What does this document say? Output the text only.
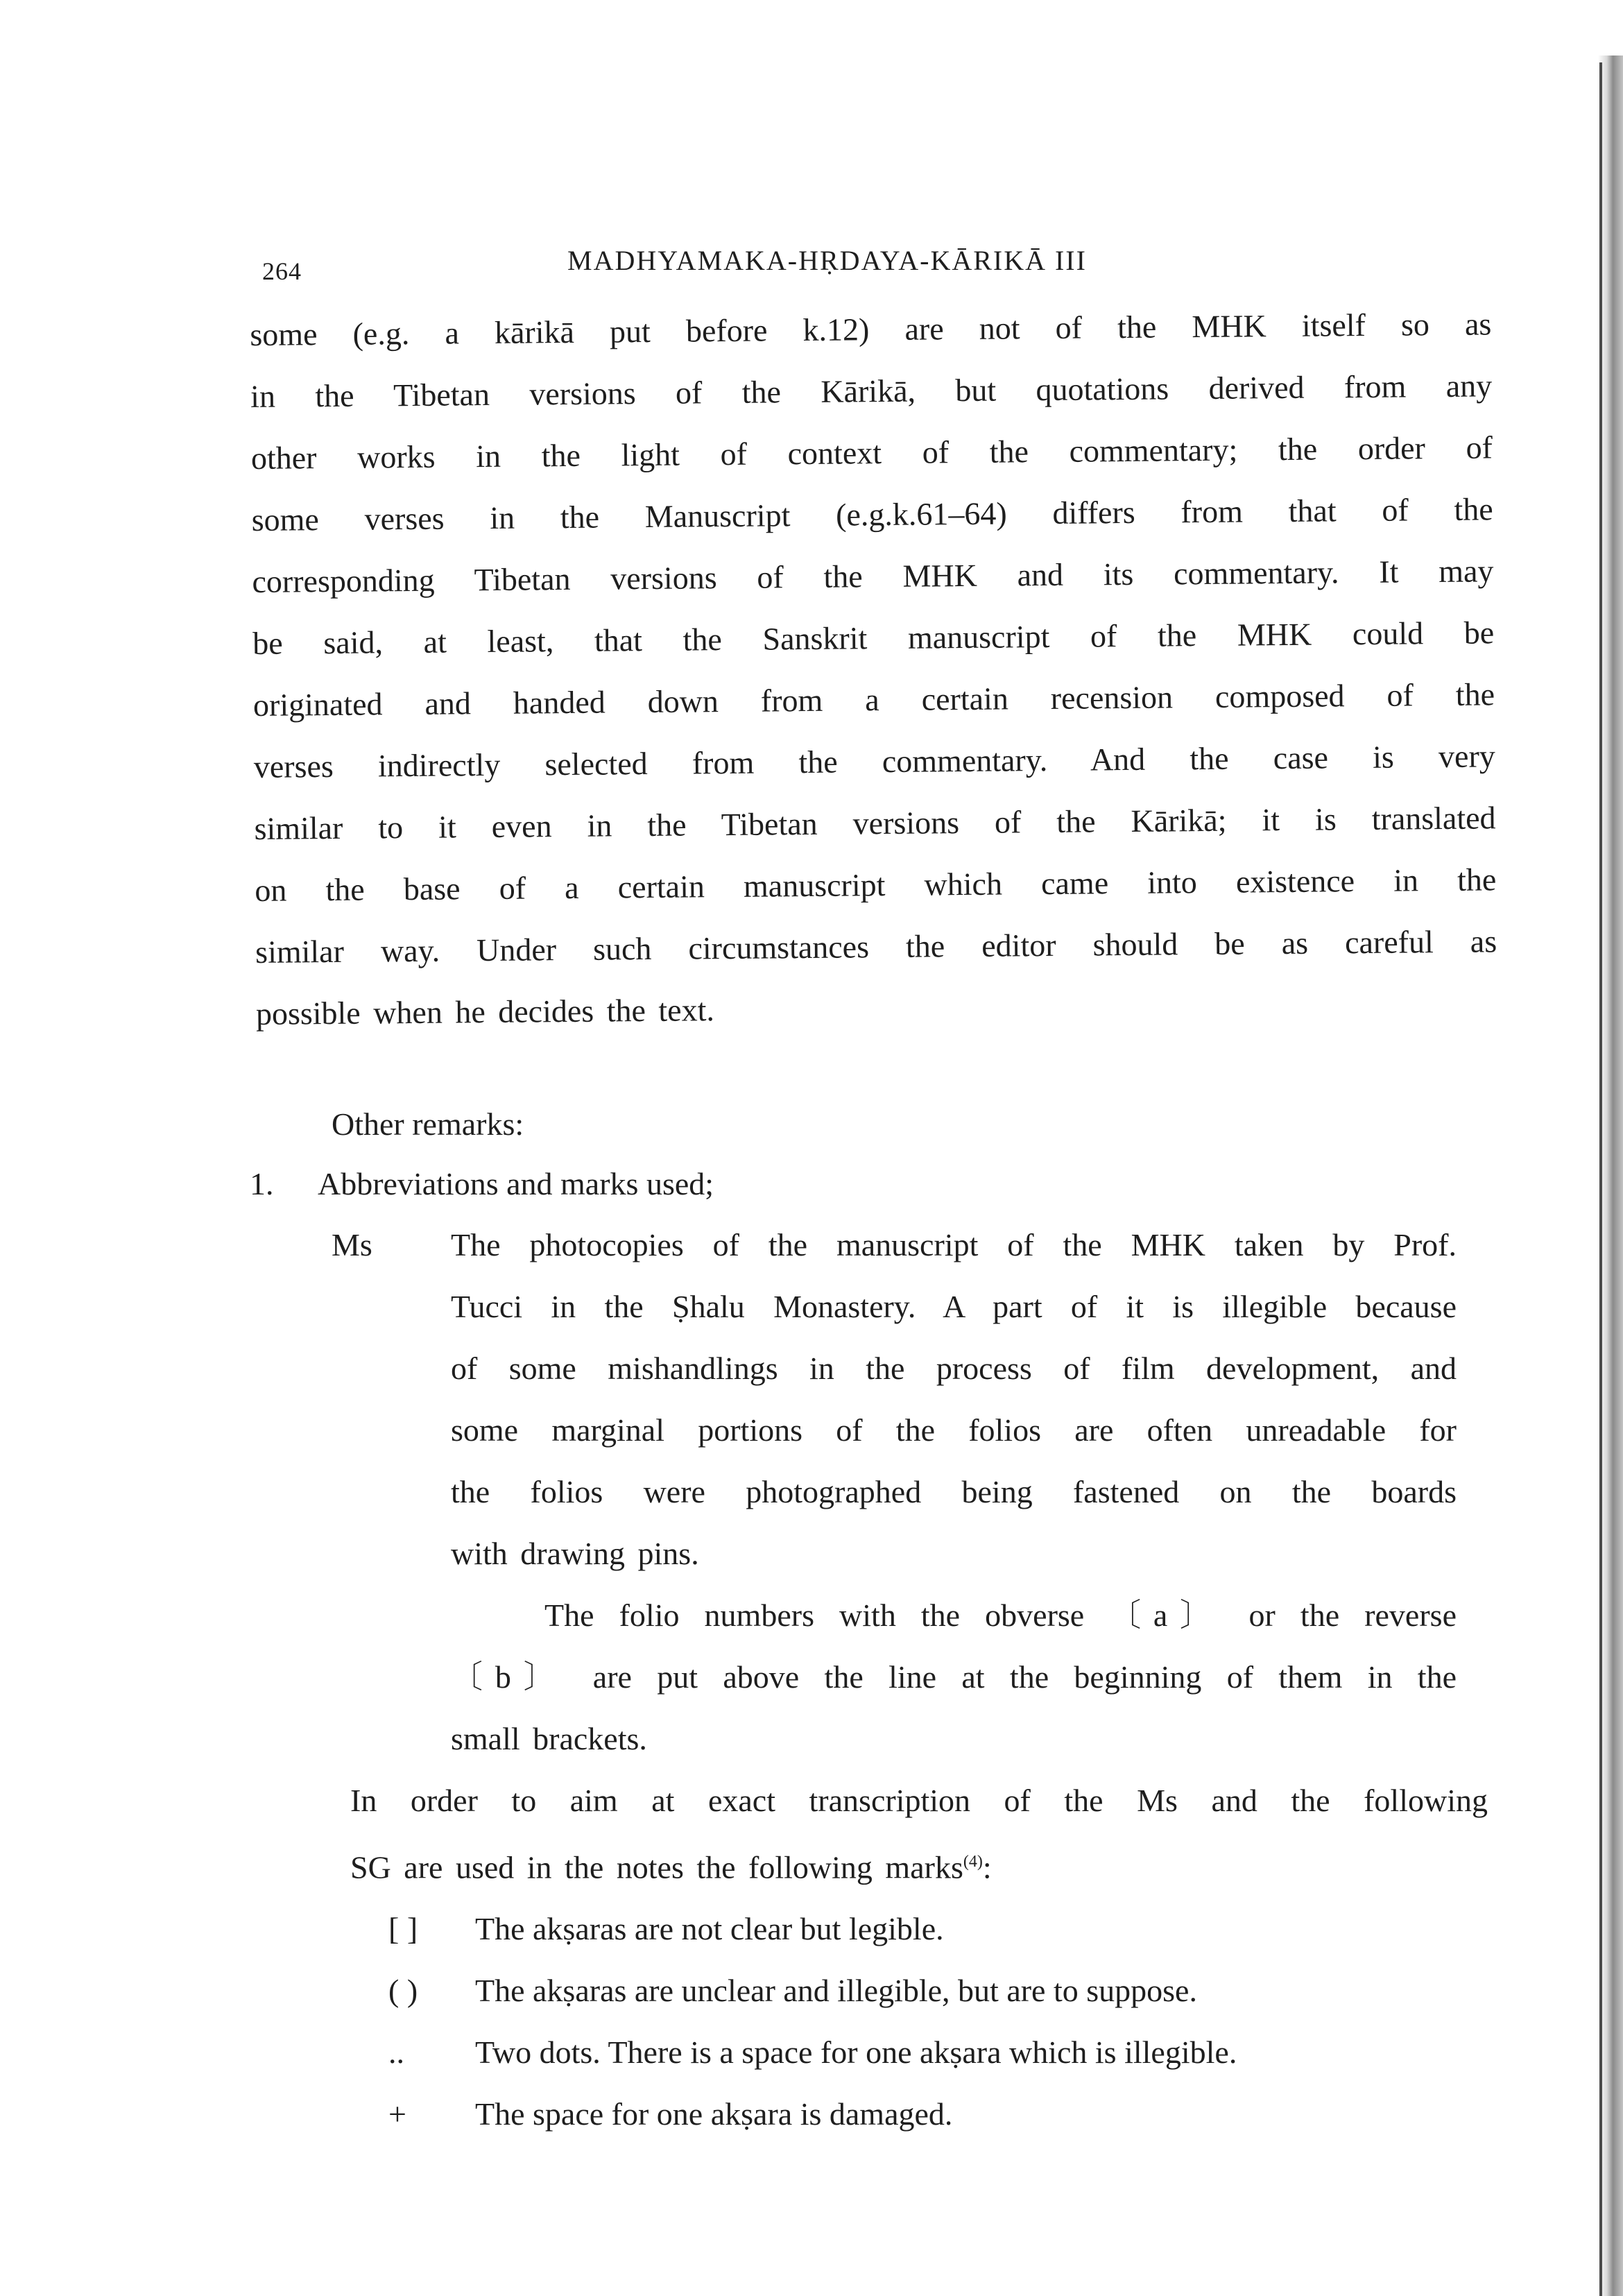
264	MADHYAMAKA-HṚDAYA-KĀRIKĀ III
some (e.g. a kārikā put before k.12) are not of the MHK itself so as
in the Tibetan versions of the Kārikā, but quotations derived from any
other works in the light of context of the commentary; the order of
some verses in the Manuscript (e.g.k.61–64) differs from that of the
corresponding Tibetan versions of the MHK and its commentary. It may
be said, at least, that the Sanskrit manuscript of the MHK could be
originated and handed down from a certain recension composed of the
verses indirectly selected from the commentary. And the case is very
similar to it even in the Tibetan versions of the Kārikā; it is translated
on the base of a certain manuscript which came into existence in the
similar way. Under such circumstances the editor should be as careful as
possible when he decides the text.
Other remarks:
1.	Abbreviations and marks used;
Ms	The photocopies of the manuscript of the MHK taken by Prof.
Tucci in the Ṣhalu Monastery. A part of it is illegible because
of some mishandlings in the process of film development, and
some marginal portions of the folios are often unreadable for
the folios were photographed being fastened on the boards
with drawing pins.
The folio numbers with the obverse 〔a〕 or the reverse
〔b〕 are put above the line at the beginning of them in the
small brackets.
In order to aim at exact transcription of the Ms and the following
SG are used in the notes the following marks$^{(4)}$:
[ ]	The akṣaras are not clear but legible.
( )	The akṣaras are unclear and illegible, but are to suppose.
..	Two dots. There is a space for one akṣara which is illegible.
+	The space for one akṣara is damaged.
